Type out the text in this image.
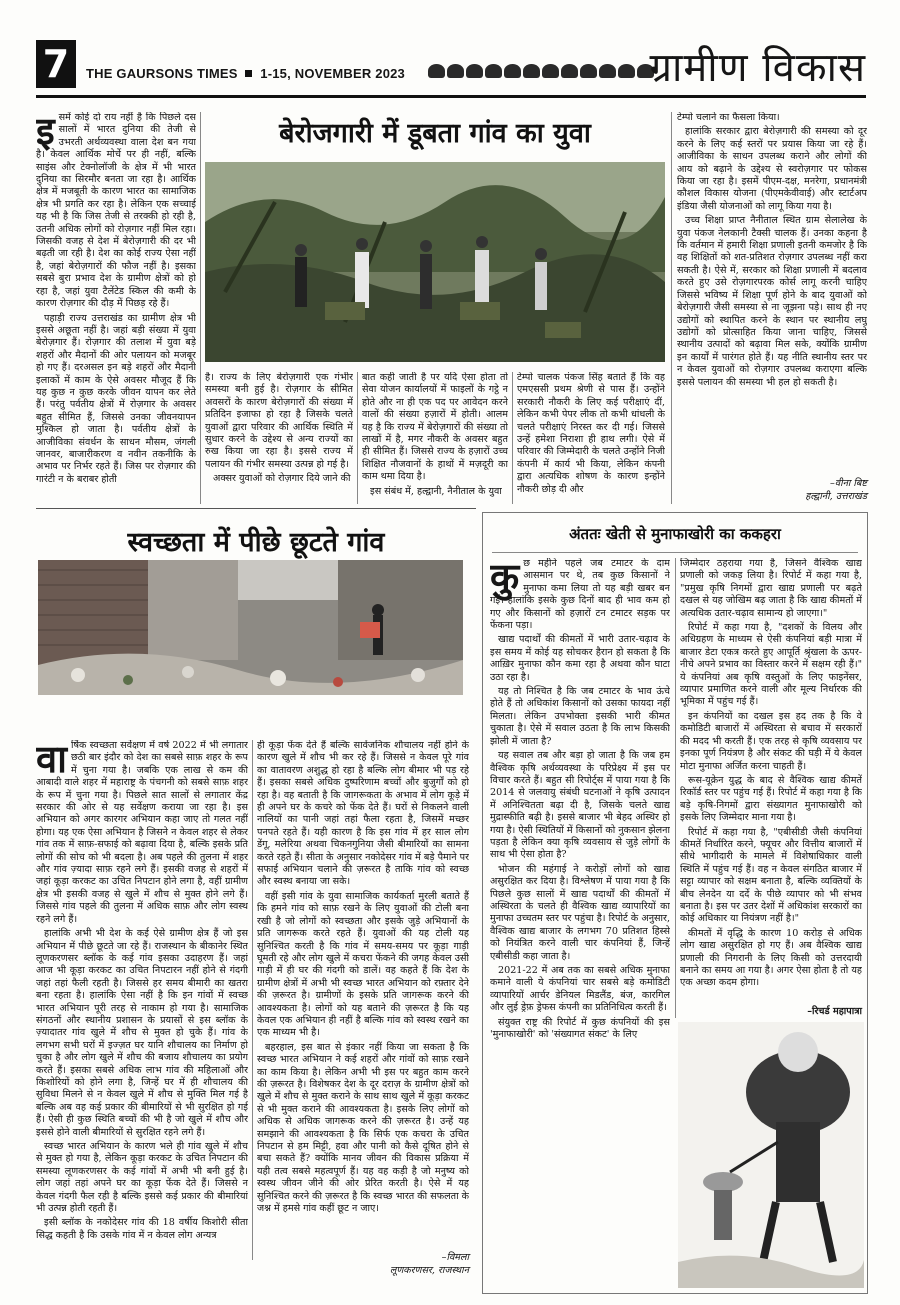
7	THE GAURSONS TIMES 1-15, NOVEMBER 2023	ग्रामीण विकास

इसमें कोई दो राय नहीं है कि पिछले दस सालों में भारत दुनिया की तेजी से उभरती अर्थव्यवस्था वाला देश बन गया है। केवल आर्थिक मोर्चे पर ही नहीं, बल्कि साइंस और टेक्नोलॉजी के क्षेत्र में भी भारत दुनिया का सिरमौर बनता जा रहा है। आर्थिक क्षेत्र में मजबूती के कारण भारत का सामाजिक क्षेत्र भी प्रगति कर रहा है। लेकिन एक सच्चाई यह भी है कि जिस तेजी से तरक्की हो रही है, उतनी अधिक लोगों को रोज़गार नहीं मिल रहा। जिसकी वजह से देश में बेरोज़गारी की दर भी बढ़ती जा रही है। देश का कोई राज्य ऐसा नहीं है, जहां बेरोज़गारों की फौज नहीं है। इसका सबसे बुरा प्रभाव देश के ग्रामीण क्षेत्रों को हो रहा है, जहां युवा टैलेंटेड स्किल की कमी के कारण रोज़गार की दौड़ में पिछड़ रहे हैं।

पहाड़ी राज्य उत्तराखंड का ग्रामीण क्षेत्र भी इससे अछूता नहीं है। जहां बड़ी संख्या में युवा बेरोज़गार हैं। रोज़गार की तलाश में युवा बड़े शहरों और मैदानों की ओर पलायन को मजबूर हो गए हैं। दरअसल इन बड़े शहरों और मैदानी इलाकों में काम के ऐसे अवसर मौजूद हैं कि यह कुछ न कुछ करके जीवन यापन कर लेते हैं। परंतु पर्वतीय क्षेत्रों में रोज़गार के अवसर बहुत सीमित हैं, जिससे उनका जीवनयापन मुश्किल हो जाता है। पर्वतीय क्षेत्रों के आजीविका संवर्धन के साधन मौसम, जंगली जानवर, बाजारीकरण व नवीन तकनीकि के अभाव पर निर्भर रहते हैं। जिस पर रोज़गार की गारंटी न के बराबर होती

बेरोजगारी में डूबता गांव का युवा

है। राज्य के लिए बेरोज़गारी एक गंभीर समस्या बनी हुई है। रोज़गार के सीमित अवसरों के कारण बेरोज़गारों की संख्या में प्रतिदिन इजाफा हो रहा है जिसके चलते युवाओं द्वारा परिवार की आर्थिक स्थिति में सुधार करने के उद्देश्य से अन्य राज्यों का रुख किया जा रहा है। इससे राज्य में पलायन की गंभीर समस्या उत्पन्न हो गई है।

अक्सर युवाओं को रोज़गार दिये जाने की

बात कही जाती है पर यदि ऐसा होता तो सेवा योजन कार्यालयों में फाइलों के गट्ठे न होते और ना ही एक पद पर आवेदन करने वालों की संख्या हज़ारों में होती। आलम यह है कि राज्य में बेरोज़गारों की संख्या तो लाखों में है, मगर नौकरी के अवसर बहुत ही सीमित हैं। जिससे राज्य के हज़ारों उच्च शिक्षित नौजवानों के हाथों में मज़दूरी का काम थमा दिया है।

इस संबंध में, हल्द्वानी, नैनीताल के युवा

टेम्पो चालक पंकज सिंह बताते हैं कि वह एमएससी प्रथम श्रेणी से पास हैं। उन्होंने सरकारी नौकरी के लिए कई परीक्षाएं दीं, लेकिन कभी पेपर लीक तो कभी धांधली के चलते परीक्षाएं निरस्त कर दी गई। जिससे उन्हें हमेशा निराशा ही हाथ लगी। ऐसे में परिवार की जिम्मेदारी के चलते उन्होंने निजी कंपनी में कार्य भी किया, लेकिन कंपनी द्वारा अत्यधिक शोषण के कारण इन्होंने नौकरी छोड़ दी और

टेम्पो चलाने का फैसला किया।

हालांकि सरकार द्वारा बेरोज़गारी की समस्या को दूर करने के लिए कई स्तरों पर प्रयास किया जा रहे हैं। आजीविका के साधन उपलब्ध कराने और लोगों की आय को बढ़ाने के उद्देश्य से स्वरोज़गार पर फोकस किया जा रहा है। इसमें पीएम-दक्ष, मनरेगा, प्रधानमंत्री कौशल विकास योजना (पीएमकेवीवाई) और स्टार्टअप इंडिया जैसी योजनाओं को लागू किया गया है।

उच्च शिक्षा प्राप्त नैनीताल स्थित ग्राम सेलालेख के युवा पंकज नेलकानी टैक्सी चालक हैं। उनका कहना है कि वर्तमान में हमारी शिक्षा प्रणाली इतनी कमजोर है कि वह शिक्षितों को शत-प्रतिशत रोज़गार उपलब्ध नहीं करा सकती है। ऐसे में, सरकार को शिक्षा प्रणाली में बदलाव करते हुए उसे रोज़गारपरक कोर्स लागू करनी चाहिए जिससे भविष्य में शिक्षा पूर्ण होने के बाद युवाओं को बेरोज़गारी जैसी समस्या से ना जूझना पड़े। साथ ही नए उद्योगों को स्थापित करने के स्थान पर स्थानीय लघु उद्योगों को प्रोत्साहित किया जाना चाहिए, जिससे स्थानीय उत्पादों को बढ़ावा मिल सके, क्योंकि ग्रामीण इन कार्यों में पारंगत होते हैं। यह नीति स्थानीय स्तर पर न केवल युवाओं को रोज़गार उपलब्ध कराएगा बल्कि इससे पलायन की समस्या भी हल हो सकती है।

–वीना बिष्ट
हल्द्वानी, उत्तराखंड
स्वच्छता में पीछे छूटते गांव

वार्षिक स्वच्छता सर्वेक्षण में वर्ष 2022 में भी लगातार छठी बार इंदौर को देश का सबसे साफ़ शहर के रूप में चुना गया है। जबकि एक लाख से कम की आबादी वाले शहर में महाराष्ट्र के पंचगनी को सबसे साफ़ शहर के रूप में चुना गया है। पिछले सात सालों से लगातार केंद्र सरकार की ओर से यह सर्वेक्षण कराया जा रहा है। इस अभियान को अगर कारगर अभियान कहा जाए तो गलत नहीं होगा। यह एक ऐसा अभियान है जिसने न केवल शहर से लेकर गांव तक में साफ़-सफाई को बढ़ावा दिया है, बल्कि इसके प्रति लोगों की सोच को भी बदला है। अब पहले की तुलना में शहर और गांव ज़्यादा साफ़ रहने लगे हैं। इसकी वजह से शहरों में जहां कूड़ा करकट का उचित निपटान होने लगा है, वहीं ग्रामीण क्षेत्र भी इसकी वजह से खुले में शौच से मुक्त होने लगे हैं। जिससे गांव पहले की तुलना में अधिक साफ़ और लोग स्वस्थ रहने लगे हैं।

हालांकि अभी भी देश के कई ऐसे ग्रामीण क्षेत्र हैं जो इस अभियान में पीछे छूटते जा रहे हैं। राजस्थान के बीकानेर स्थित लूणकरणसर ब्लॉक के कई गांव इसका उदाहरण हैं। जहां आज भी कूड़ा करकट का उचित निपटारन नहीं होने से गंदगी जहां तहां फैली रहती है। जिससे हर समय बीमारी का खतरा बना रहता है। हालांकि ऐसा नहीं है कि इन गांवों में स्वच्छ भारत अभियान पूरी तरह से नाकाम हो गया है। सामाजिक संगठनों और स्थानीय प्रशासन के प्रयासों से इस ब्लॉक के ज़्यादातर गांव खुले में शौच से मुक्त हो चुके हैं। गांव के लगभग सभी घरों में इज्ज़त घर यानि शौचालय का निर्माण हो चुका है और लोग खुले में शौच की बजाय शौचालय का प्रयोग करते हैं। इसका सबसे अधिक लाभ गांव की महिलाओं और किशोरियों को होने लगा है, जिन्हें घर में ही शौचालय की सुविधा मिलने से न केवल खुले में शौच से मुक्ति मिल गई है बल्कि अब वह कई प्रकार की बीमारियों से भी सुरक्षित हो गई हैं। ऐसी ही कुछ स्थिति बच्चों की भी है जो खुले में शौच और इससे होने वाली बीमारियों से सुरक्षित रहने लगे हैं।

स्वच्छ भारत अभियान के कारण भले ही गांव खुले में शौच से मुक्त हो गया है, लेकिन कूड़ा करकट के उचित निपटान की समस्या लूणकरणसर के कई गांवों में अभी भी बनी हुई है। लोग जहां तहां अपने घर का कूड़ा फेंक देते हैं। जिससे न केवल गंदगी फैल रही है बल्कि इससे कई प्रकार की बीमारियां भी उत्पन्न होती रहती हैं।

इसी ब्लॉक के नकोदेसर गांव की 18 वर्षीय किशोरी सीता सिद्ध कहती है कि उसके गांव में न केवल लोग अन्यत्र

ही कूड़ा फेंक देते हैं बल्कि सार्वजनिक शौचालय नहीं होने के कारण खुले में शौच भी कर रहे हैं। जिससे न केवल पूरे गांव का वातावरण अशुद्ध हो रहा है बल्कि लोग बीमार भी पड़ रहे हैं। इसका सबसे अधिक दुष्परिणाम बच्चों और बुजुर्गों को हो रहा है। वह बताती है कि जागरूकता के अभाव में लोग कूड़े में ही अपने घर के कचरे को फेंक देते हैं। घरों से निकलने वाली नालियों का पानी जहां तहां फैला रहता है, जिसमें मच्छर पनपते रहते हैं। यही कारण है कि इस गांव में हर साल लोग डेंगू, मलेरिया अथवा चिकनगुनिया जैसी बीमारियों का सामना करते रहते हैं। सीता के अनुसार नकोदेसर गांव में बड़े पैमाने पर सफाई अभियान चलाने की ज़रूरत है ताकि गांव को स्वच्छ और स्वस्थ बनाया जा सके।

वहीं इसी गांव के युवा सामाजिक कार्यकर्ता मुरली बताते हैं कि हमने गांव को साफ़ रखने के लिए युवाओं की टोली बना रखी है जो लोगों को स्वच्छता और इसके जुड़े अभियानों के प्रति जागरूक करते रहते हैं। युवाओं की यह टोली यह सुनिश्चित करती है कि गांव में समय-समय पर कूड़ा गाड़ी घूमती रहे और लोग खुले में कचरा फेंकने की जगह केवल उसी गाड़ी में ही घर की गंदगी को डालें। वह कहते हैं कि देश के ग्रामीण क्षेत्रों में अभी भी स्वच्छ भारत अभियान को रफ़्तार देने की ज़रूरत है। ग्रामीणों के इसके प्रति जागरूक करने की आवश्यकता है। लोगों को यह बताने की ज़रूरत है कि यह केवल एक अभियान ही नहीं है बल्कि गांव को स्वस्थ रखने का एक माध्यम भी है।

बहरहाल, इस बात से इंकार नहीं किया जा सकता है कि स्वच्छ भारत अभियान ने कई शहरों और गांवों को साफ़ रखने का काम किया है। लेकिन अभी भी इस पर बहुत काम करने की ज़रूरत है। विशेषकर देश के दूर दराज़ के ग्रामीण क्षेत्रों को खुले में शौच से मुक्त कराने के साथ साथ खुले में कूड़ा करकट से भी मुक्त कराने की आवश्यकता है। इसके लिए लोगों को अधिक से अधिक जागरूक करने की ज़रूरत है। उन्हें यह समझाने की आवश्यकता है कि सिर्फ एक कचरा के उचित निपटान से हम मिट्टी, हवा और पानी को कैसे दूषित होने से बचा सकते हैं? क्योंकि मानव जीवन की विकास प्रक्रिया में यही तत्व सबसे महत्वपूर्ण हैं। यह वह कड़ी है जो मनुष्य को स्वस्थ जीवन जीने की ओर प्रेरित करती है। ऐसे में यह सुनिश्चित करने की ज़रूरत है कि स्वच्छ भारत की सफलता के जश्न में हमसे गांव कहीं छूट न जाए।

–विमला
लूणकरणसर, राजस्थान
अंततः खेती से मुनाफाखोरी का ककहरा

कुछ महीने पहले जब टमाटर के दाम आसमान पर थे, तब कुछ किसानों ने मुनाफा कमा लिया तो यह बड़ी खबर बन गई। हालांकि इसके कुछ दिनों बाद ही भाव कम हो गए और किसानों को हज़ारों टन टमाटर सड़क पर फेंकना पड़ा।

खाद्य पदार्थों की कीमतों में भारी उतार-चढ़ाव के इस समय में कोई यह सोचकर हैरान हो सकता है कि आख़िर मुनाफा कौन कमा रहा है अथवा कौन घाटा उठा रहा है।

यह तो निश्चित है कि जब टमाटर के भाव ऊंचे होते हैं तो अधिकांश किसानों को उसका फायदा नहीं मिलता। लेकिन उपभोक्ता इसकी भारी कीमत चुकाता है। ऐसे में सवाल उठता है कि लाभ किसकी झोली में जाता है?

यह सवाल तब और बड़ा हो जाता है कि जब हम वैश्विक कृषि अर्थव्यवस्था के परिप्रेक्ष्य में इस पर विचार करते हैं। बहुत सी रिपोर्ट्स में पाया गया है कि 2014 से जलवायु संबंधी घटनाओं ने कृषि उत्पादन में अनिश्चितता बढ़ा दी है, जिसके चलते खाद्य मुद्रास्फीति बढ़ी है। इससे बाजार भी बेहद अस्थिर हो गया है। ऐसी स्थितियों में किसानों को नुकसान झेलना पड़ता है लेकिन क्या कृषि व्यवसाय से जुड़े लोगों के साथ भी ऐसा होता है?

भोजन की महंगाई ने करोड़ों लोगों को खाद्य असुरक्षित कर दिया है। विश्लेषण में पाया गया है कि पिछले कुछ सालों में खाद्य पदार्थों की कीमतों में अस्थिरता के चलते ही वैश्विक खाद्य व्यापारियों का मुनाफा उच्चतम स्तर पर पहुंचा है। रिपोर्ट के अनुसार, वैश्विक खाद्य बाजार के लगभग 70 प्रतिशत हिस्से को नियंत्रित करने वाली चार कंपनियां हैं, जिन्हें एबीसीडी कहा जाता है।

2021-22 में अब तक का सबसे अधिक मुनाफा कमाने वाली ये कंपनियां चार सबसे बड़े कमोडिटी व्यापारियों आर्चर डेनियल मिडलैंड, बंज, कारगिल और लुई ड्रेफ़ ड्रेफस कंपनी का प्रतिनिधित्व करती हैं।

संयुक्त राष्ट्र की रिपोर्ट में कुछ कंपनियों की इस 'मुनाफाखोरी' को 'संख्यागत संकट' के लिए

जिम्मेदार ठहराया गया है, जिसने वैश्विक खाद्य प्रणाली को जकड़ लिया है। रिपोर्ट में कहा गया है, "प्रमुख कृषि निगमों द्वारा खाद्य प्रणाली पर बढ़ते दखल से यह जोखिम बढ़ जाता है कि खाद्य कीमतों में अत्यधिक उतार-चढ़ाव सामान्य हो जाएगा।"

रिपोर्ट में कहा गया है, "दशकों के विलय और अधिग्रहण के माध्यम से ऐसी कंपनियां बड़ी मात्रा में बाजार डेटा एकत्र करते हुए आपूर्ति श्रृंखला के ऊपर-नीचे अपने प्रभाव का विस्तार करने में सक्षम रही हैं।" ये कंपनियां अब कृषि वस्तुओं के लिए फाइनेंसर, व्यापार प्रमाणित करने वाली और मूल्य निर्धारक की भूमिका में पहुंच गई हैं।

इन कंपनियों का दखल इस हद तक है कि वे कमोडिटी बाजारों में अस्थिरता से बचाव में सरकारों की मदद भी करती हैं। एक तरह से कृषि व्यवसाय पर इनका पूर्ण नियंत्रण है और संकट की घड़ी में ये केवल मोटा मुनाफा अर्जित करना चाहती हैं।

रूस-यूक्रेन युद्ध के बाद से वैश्विक खाद्य कीमतें रिकॉर्ड स्तर पर पहुंच गई हैं। रिपोर्ट में कहा गया है कि बड़े कृषि-निगमों द्वारा संख्यागत मुनाफाखोरी को इसके लिए जिम्मेदार माना गया है।

रिपोर्ट में कहा गया है, "एबीसीडी जैसी कंपनियां कीमतें निर्धारित करने, फ्यूचर और वित्तीय बाजारों में सीधे भागीदारी के मामले में विशेषाधिकार वाली स्थिति में पहुंच गई हैं। वह न केवल संगठित बाजार में सट्टा व्यापार को सक्षम बनाता है, बल्कि व्यक्तियों के बीच लेनदेन या दर्दे के पीछे व्यापार को भी संभव बनाता है। इस पर उतर देशों में अधिकांश सरकारों का कोई अधिकार या नियंत्रण नहीं है।"

कीमतों में वृद्धि के कारण 10 करोड़ से अधिक लोग खाद्य असुरक्षित हो गए हैं। अब वैश्विक खाद्य प्रणाली की निगरानी के लिए किसी को उत्तरदायी बनाने का समय आ गया है। अगर ऐसा होता है तो यह एक अच्छा कदम होगा।

–रिचर्ड महापात्रा
